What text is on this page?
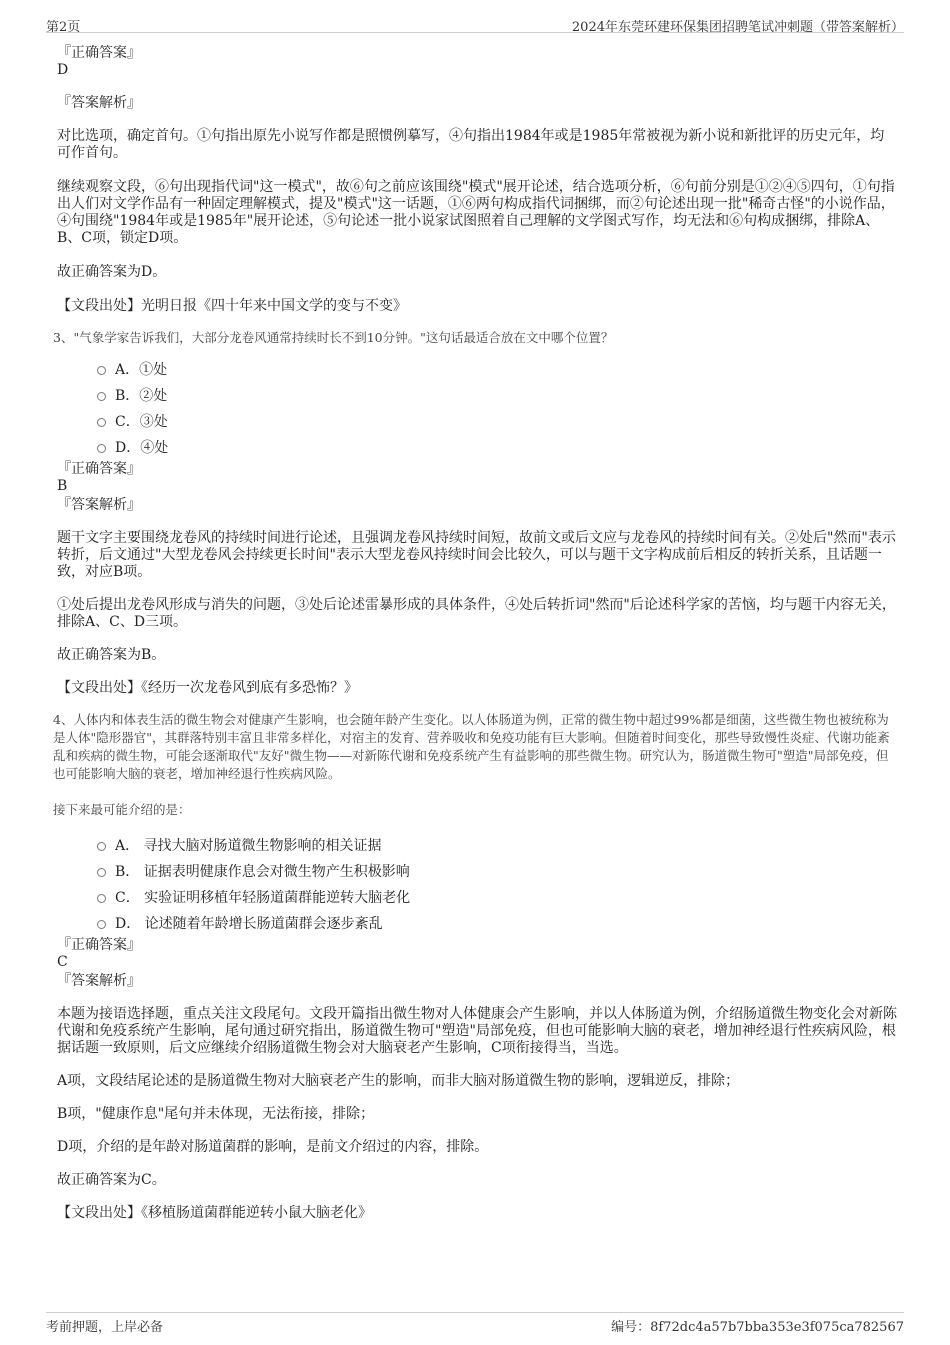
第2页	2024年东莞环建环保集团招聘笔试冲刺题（带答案解析）
『正确答案』
D
『答案解析』

对比选项，确定首句。①句指出原先小说写作都是照惯例摹写，④句指出1984年或是1985年常被视为新小说和新批评的历史元年，均可作首句。

继续观察文段，⑥句出现指代词"这一模式"，故⑥句之前应该围绕"模式"展开论述，结合选项分析，⑥句前分别是①②④⑤四句，①句指出人们对文学作品有一种固定理解模式，提及"模式"这一话题，①⑥两句构成指代词捆绑，而②句论述出现一批"稀奇古怪"的小说作品，④句围绕"1984年或是1985年"展开论述，⑤句论述一批小说家试图照着自己理解的文学图式写作，均无法和⑥句构成捆绑，排除A、B、C项，锁定D项。

故正确答案为D。

【文段出处】光明日报《四十年来中国文学的变与不变》

3、"气象学家告诉我们，大部分龙卷风通常持续时长不到10分钟。"这句话最适合放在文中哪个位置？
A．①处
B．②处
C．③处
D．④处
『正确答案』
B
『答案解析』

题干文字主要围绕龙卷风的持续时间进行论述，且强调龙卷风持续时间短，故前文或后文应与龙卷风的持续时间有关。②处后"然而"表示转折，后文通过"大型龙卷风会持续更长时间"表示大型龙卷风持续时间会比较久，可以与题干文字构成前后相反的转折关系，且话题一致，对应B项。

①处后提出龙卷风形成与消失的问题，③处后论述雷暴形成的具体条件，④处后转折词"然而"后论述科学家的苦恼，均与题干内容无关，排除A、C、D三项。

故正确答案为B。

【文段出处】《经历一次龙卷风到底有多恐怖？》

4、人体内和体表生活的微生物会对健康产生影响，也会随年龄产生变化。以人体肠道为例，正常的微生物中超过99%都是细菌，这些微生物也被统称为是人体"隐形器官"，其群落特别丰富且非常多样化，对宿主的发育、营养吸收和免疫功能有巨大影响。但随着时间变化，那些导致慢性炎症、代谢功能紊乱和疾病的微生物，可能会逐渐取代"友好"微生物——对新陈代谢和免疫系统产生有益影响的那些微生物。研究认为，肠道微生物可"塑造"局部免疫，但也可能影响大脑的衰老，增加神经退行性疾病风险。
接下来最可能介绍的是：
A． 寻找大脑对肠道微生物影响的相关证据
B． 证据表明健康作息会对微生物产生积极影响
C． 实验证明移植年轻肠道菌群能逆转大脑老化
D． 论述随着年龄增长肠道菌群会逐步紊乱
『正确答案』
C
『答案解析』

本题为接语选择题，重点关注文段尾句。文段开篇指出微生物对人体健康会产生影响，并以人体肠道为例，介绍肠道微生物变化会对新陈代谢和免疫系统产生影响，尾句通过研究指出，肠道微生物可"塑造"局部免疫，但也可能影响大脑的衰老，增加神经退行性疾病风险，根据话题一致原则，后文应继续介绍肠道微生物会对大脑衰老产生影响，C项衔接得当，当选。

A项，文段结尾论述的是肠道微生物对大脑衰老产生的影响，而非大脑对肠道微生物的影响，逻辑逆反，排除；

B项，"健康作息"尾句并未体现，无法衔接，排除；

D项，介绍的是年龄对肠道菌群的影响，是前文介绍过的内容，排除。

故正确答案为C。

【文段出处】《移植肠道菌群能逆转小鼠大脑老化》

考前押题，上岸必备	编号：8f72dc4a57b7bba353e3f075ca782567
